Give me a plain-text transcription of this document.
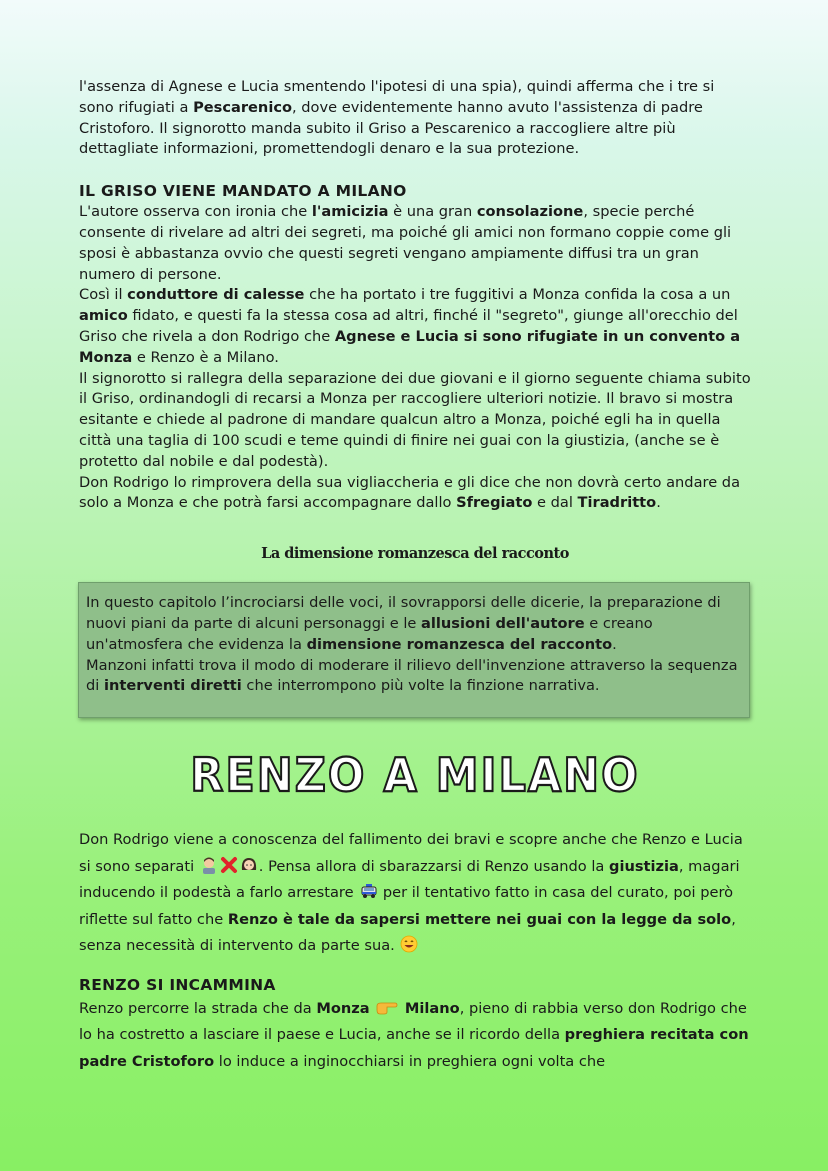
l'assenza di Agnese e Lucia smentendo l'ipotesi di una spia), quindi afferma che i tre si sono rifugiati a Pescarenico, dove evidentemente hanno avuto l'assistenza di padre Cristoforo. Il signorotto manda subito il Griso a Pescarenico a raccogliere altre più dettagliate informazioni, promettendogli denaro e la sua protezione.

IL GRISO VIENE MANDATO A MILANO

L'autore osserva con ironia che l'amicizia è una gran consolazione, specie perché consente di rivelare ad altri dei segreti, ma poiché gli amici non formano coppie come gli sposi è abbastanza ovvio che questi segreti vengano ampiamente diffusi tra un gran numero di persone.

Così il conduttore di calesse che ha portato i tre fuggitivi a Monza confida la cosa a un amico fidato, e questi fa la stessa cosa ad altri, finché il "segreto", giunge all'orecchio del Griso che rivela a don Rodrigo che Agnese e Lucia si sono rifugiate in un convento a Monza e Renzo è a Milano.

Il signorotto si rallegra della separazione dei due giovani e il giorno seguente chiama subito il Griso, ordinandogli di recarsi a Monza per raccogliere ulteriori notizie. Il bravo si mostra esitante e chiede al padrone di mandare qualcun altro a Monza, poiché egli ha in quella città una taglia di 100 scudi e teme quindi di finire nei guai con la giustizia, (anche se è protetto dal nobile e dal podestà).

Don Rodrigo lo rimprovera della sua vigliaccheria e gli dice che non dovrà certo andare da solo a Monza e che potrà farsi accompagnare dallo Sfregiato e dal Tiradritto.

La dimensione romanzesca del racconto

In questo capitolo l’incrociarsi delle voci, il sovrapporsi delle dicerie, la preparazione di nuovi piani da parte di alcuni personaggi e le allusioni dell'autore e creano un'atmosfera che evidenza la dimensione romanzesca del racconto.

Manzoni infatti trova il modo di moderare il rilievo dell'invenzione attraverso la sequenza di interventi diretti che interrompono più volte la finzione narrativa.

RENZO A MILANO

Don Rodrigo viene a conoscenza del fallimento dei bravi e scopre anche che Renzo e Lucia si sono separati	. Pensa allora di sbarazzarsi di Renzo usando la giustizia, magari inducendo il podestà a farlo arrestare
per il tentativo fatto in casa del curato, poi però riflette sul fatto che Renzo è tale da sapersi mettere nei guai con la legge da solo, senza necessità di intervento da parte sua.

RENZO SI INCAMMINA

Renzo percorre la strada che da Monza Milano, pieno di rabbia verso don Rodrigo che lo ha costretto a lasciare il paese e Lucia, anche se il ricordo della preghiera recitata con padre Cristoforo lo induce a inginocchiarsi in preghiera ogni volta che
